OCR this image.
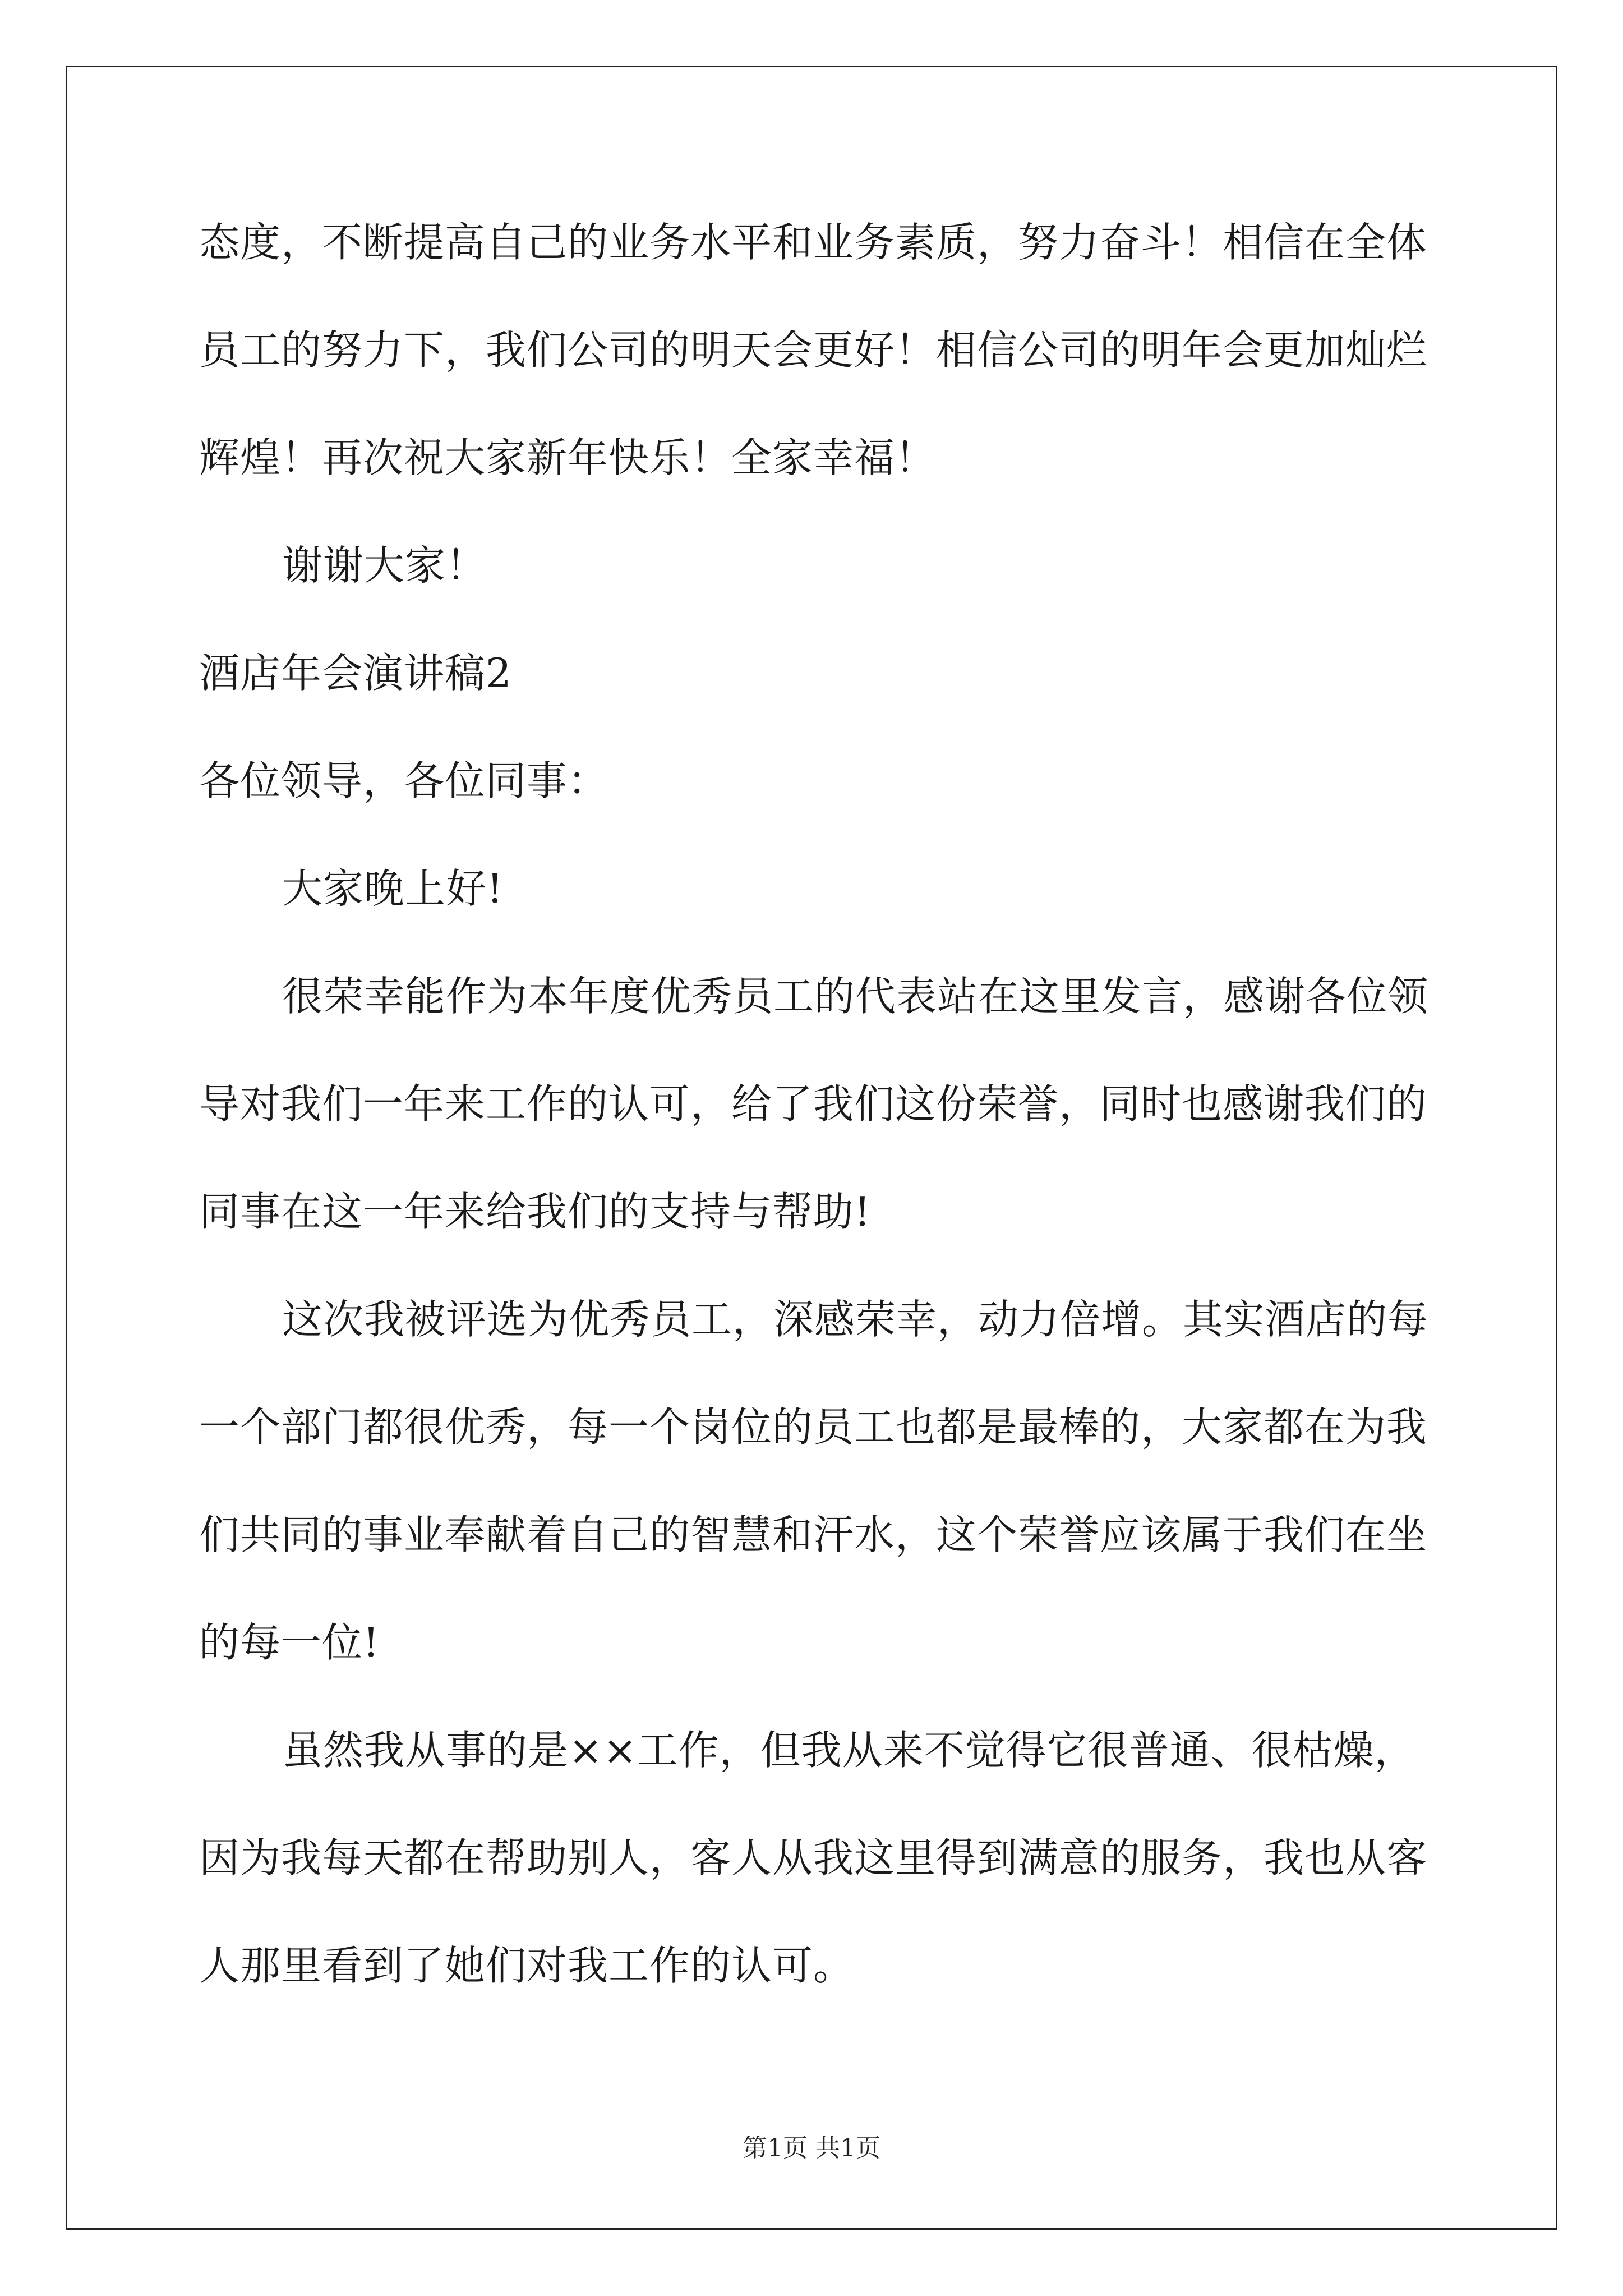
态度，不断提高自己的业务水平和业务素质，努力奋斗！相信在全体
员工的努力下，我们公司的明天会更好！相信公司的明年会更加灿烂
辉煌！再次祝大家新年快乐！全家幸福！
谢谢大家！
酒店年会演讲稿2
各位领导，各位同事：
大家晚上好!
很荣幸能作为本年度优秀员工的代表站在这里发言，感谢各位领
导对我们一年来工作的认可，给了我们这份荣誉，同时也感谢我们的
同事在这一年来给我们的支持与帮助!
这次我被评选为优秀员工，深感荣幸，动力倍增。其实酒店的每
一个部门都很优秀，每一个岗位的员工也都是最棒的，大家都在为我
们共同的事业奉献着自己的智慧和汗水，这个荣誉应该属于我们在坐
的每一位!
虽然我从事的是××工作，但我从来不觉得它很普通、很枯燥，
因为我每天都在帮助别人，客人从我这里得到满意的服务，我也从客
人那里看到了她们对我工作的认可。
第1页 共1页
